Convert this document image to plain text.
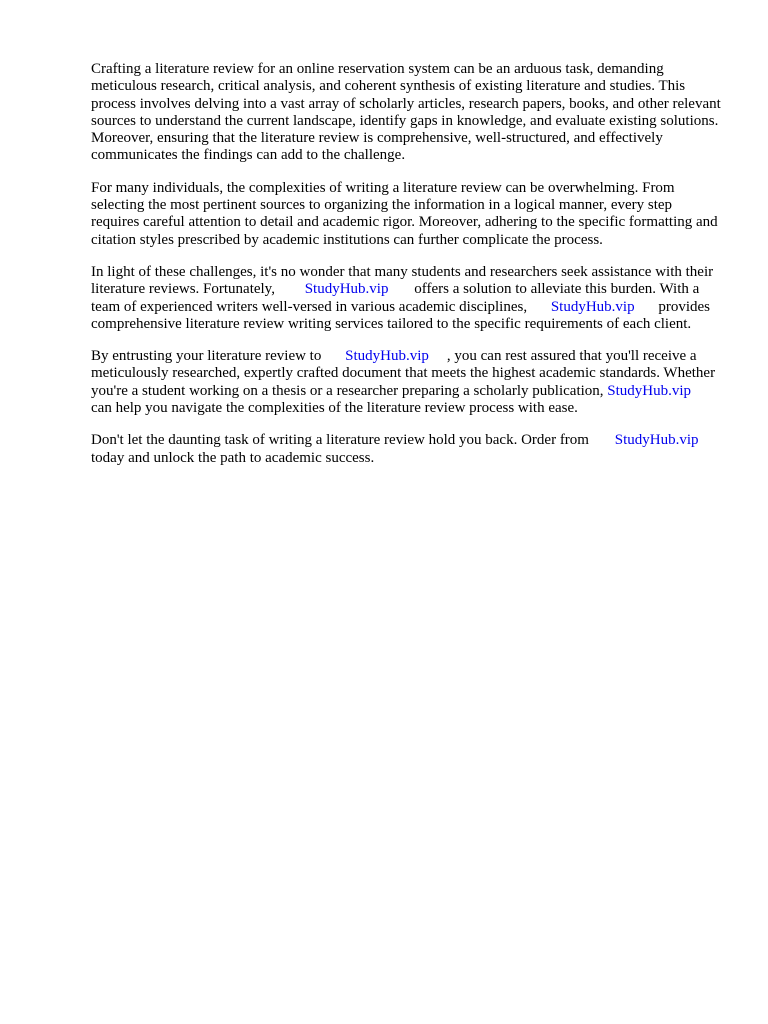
Crafting a literature review for an online reservation system can be an arduous task, demanding meticulous research, critical analysis, and coherent synthesis of existing literature and studies. This process involves delving into a vast array of scholarly articles, research papers, books, and other relevant sources to understand the current landscape, identify gaps in knowledge, and evaluate existing solutions. Moreover, ensuring that the literature review is comprehensive, well-structured, and effectively communicates the findings can add to the challenge.

For many individuals, the complexities of writing a literature review can be overwhelming. From selecting the most pertinent sources to organizing the information in a logical manner, every step requires careful attention to detail and academic rigor. Moreover, adhering to the specific formatting and citation styles prescribed by academic institutions can further complicate the process.

In light of these challenges, it's no wonder that many students and researchers seek assistance with their literature reviews. Fortunately, StudyHub.vip offers a solution to alleviate this burden. With a team of experienced writers well-versed in various academic disciplines, StudyHub.vip provides comprehensive literature review writing services tailored to the specific requirements of each client.

By entrusting your literature review to StudyHub.vip , you can rest assured that you'll receive a meticulously researched, expertly crafted document that meets the highest academic standards. Whether you're a student working on a thesis or a researcher preparing a scholarly publication, StudyHub.vip can help you navigate the complexities of the literature review process with ease.

Don't let the daunting task of writing a literature review hold you back. Order from StudyHub.vip today and unlock the path to academic success.
